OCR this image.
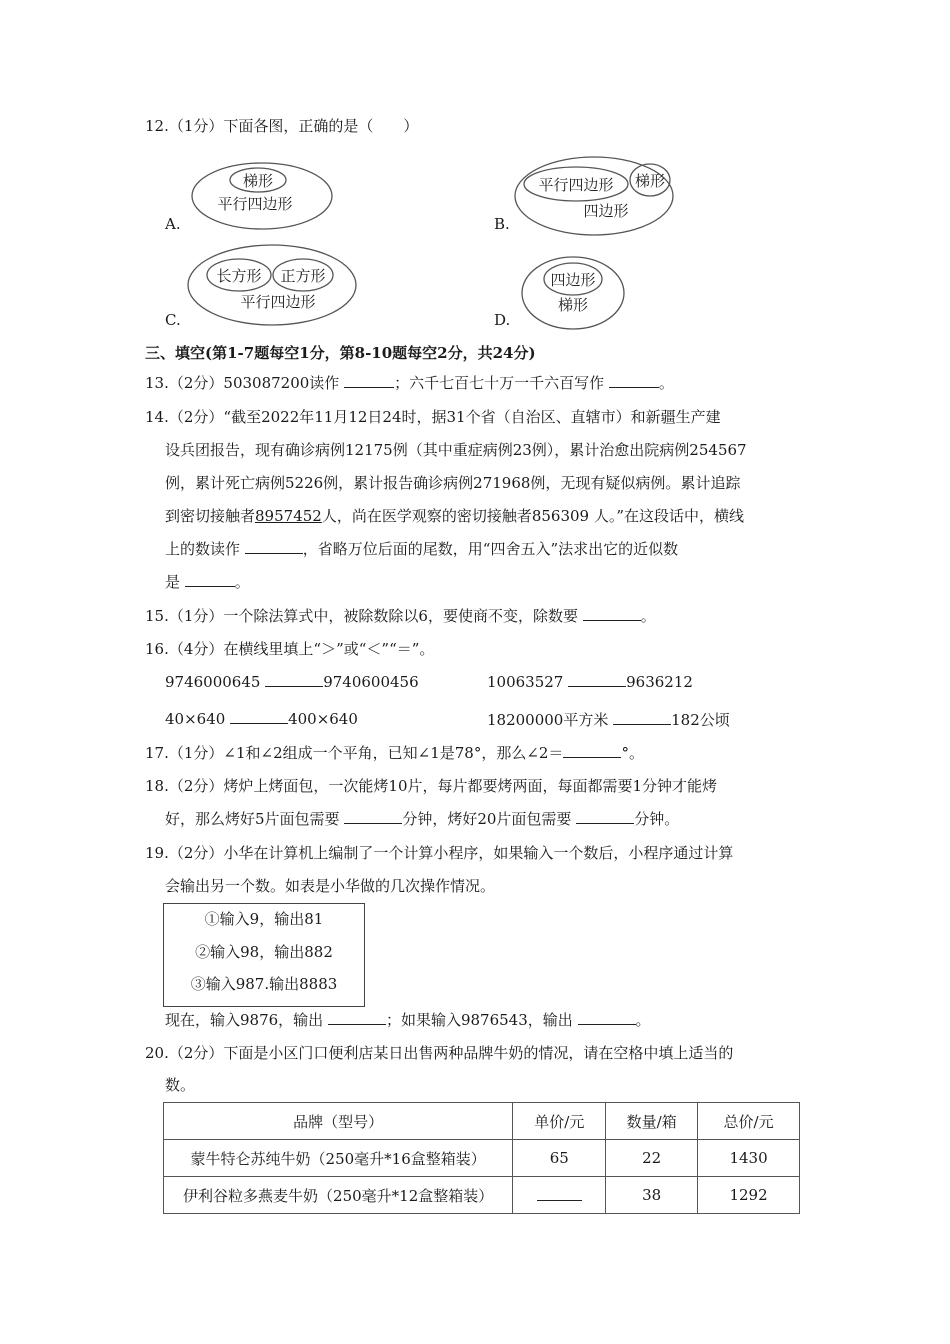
12.（1分）下面各图，正确的是（　　）
梯形
平行四边形
平行四边形 梯形
四边形
长方形 正方形
平行四边形
四边形
梯形
A.	B.
C.	D.
三、填空(第1-7题每空1分，第8-10题每空2分，共24分)
13.（2分）503087200读作	；六千七百七十万一千六百写作	。
14.（2分）“截至2022年11月12日24时，据31个省（自治区、直辖市）和新疆生产建
设兵团报告，现有确诊病例12175例（其中重症病例23例），累计治愈出院病例254567
例，累计死亡病例5226例，累计报告确诊病例271968例，无现有疑似病例。累计追踪
到密切接触者8957452人，尚在医学观察的密切接触者856309 人。”在这段话中，横线
上的数读作	，省略万位后面的尾数，用“四舍五入”法求出它的近似数
是	。
15.（1分）一个除法算式中，被除数除以6，要使商不变，除数要	。
16.（4分）在横线里填上“＞”或“＜”“＝”。
9746000645	9740600456	10063527	9636212
40×640	400×640	18200000平方米	182公顷
17.（1分）∠1和∠2组成一个平角，已知∠1是78°，那么∠2＝	°。
18.（2分）烤炉上烤面包，一次能烤10片，每片都要烤两面，每面都需要1分钟才能烤
好，那么烤好5片面包需要	分钟，烤好20片面包需要	分钟。
19.（2分）小华在计算机上编制了一个计算小程序，如果输入一个数后，小程序通过计算
会输出另一个数。如表是小华做的几次操作情况。
①输入9，输出81
②输入98，输出882
③输入987.输出8883
现在，输入9876，输出	；如果输入9876543，输出	。
20.（2分）下面是小区门口便利店某日出售两种品牌牛奶的情况，请在空格中填上适当的
数。
品牌（型号）	单价/元	数量/箱	总价/元
蒙牛特仑苏纯牛奶（250毫升*16盒整箱装）	65	22	1430
伊利谷粒多燕麦牛奶（250毫升*12盒整箱装）		38	1292
